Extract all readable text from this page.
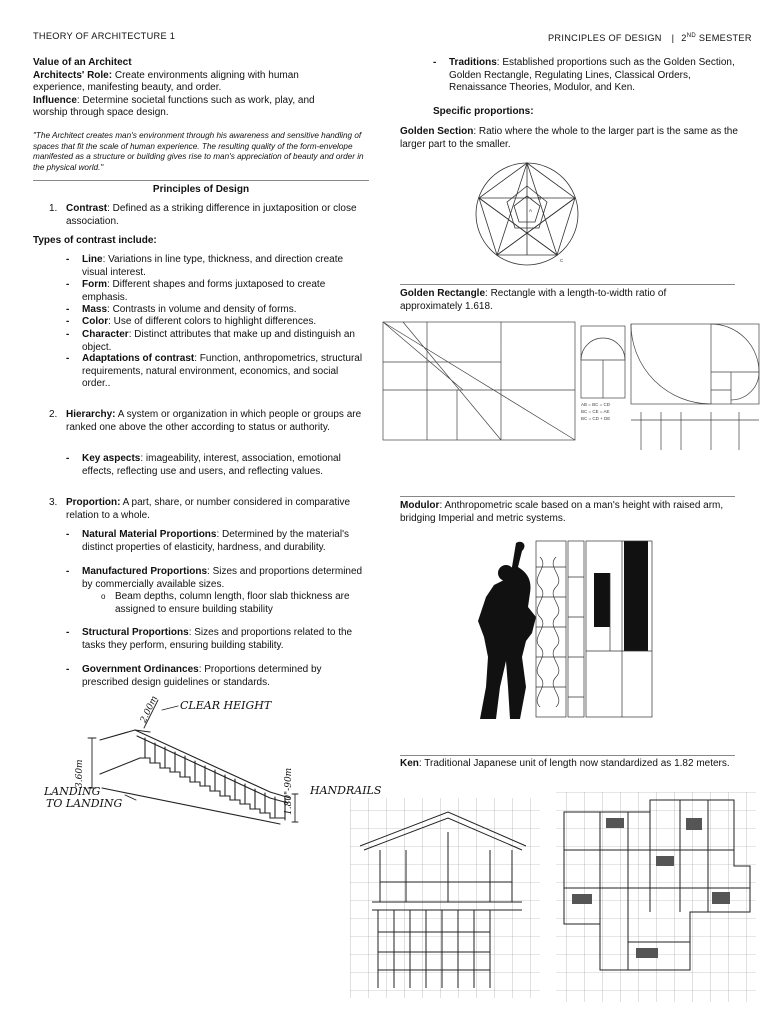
THEORY OF ARCHITECTURE 1	PRINCIPLES OF DESIGN | 2ND SEMESTER
Value of an Architect
Architects' Role: Create environments aligning with human experience, manifesting beauty, and order.
Influence: Determine societal functions such as work, play, and worship through space design.
"The Architect creates man's environment through his awareness and sensitive handling of spaces that fit the scale of human experience. The resulting quality of the form-envelope manifested as a structure or building gives rise to man's appreciation of beauty and order in the physical world."
Principles of Design
1. Contrast: Defined as a striking difference in juxtaposition or close association.
Types of contrast include:
- Line: Variations in line type, thickness, and direction create visual interest.
- Form: Different shapes and forms juxtaposed to create emphasis.
- Mass: Contrasts in volume and density of forms.
- Color: Use of different colors to highlight differences.
- Character: Distinct attributes that make up and distinguish an object.
- Adaptations of contrast: Function, anthropometrics, structural requirements, natural environment, economics, and social order..
2. Hierarchy: A system or organization in which people or groups are ranked one above the other according to status or authority.
- Key aspects: imageability, interest, association, emotional effects, reflecting use and users, and reflecting values.
3. Proportion: A part, share, or number considered in comparative relation to a whole.
- Natural Material Proportions: Determined by the material's distinct properties of elasticity, hardness, and durability.
- Manufactured Proportions: Sizes and proportions determined by commercially available sizes.
o Beam depths, column length, floor slab thickness are assigned to ensure building stability
- Structural Proportions: Sizes and proportions related to the tasks they perform, ensuring building stability.
- Government Ordinances: Proportions determined by prescribed design guidelines or standards.
CLEAR HEIGHT
2.00m
3.60m	1.80"-90m
LANDING
TO LANDING
HANDRAILS
- Traditions: Established proportions such as the Golden Section, Golden Rectangle, Regulating Lines, Classical Orders, Renaissance Theories, Modulor, and Ken.
Specific proportions:
Golden Section: Ratio where the whole to the larger part is the same as the larger part to the smaller.
B
A
C
Golden Rectangle: Rectangle with a length-to-width ratio of approximately 1.618.
AB = BC = CD
BC = CE = AE
BC = CD + DE
Modulor: Anthropometric scale based on a man's height with raised arm, bridging Imperial and metric systems.
Ken: Traditional Japanese unit of length now standardized as 1.82 meters.
